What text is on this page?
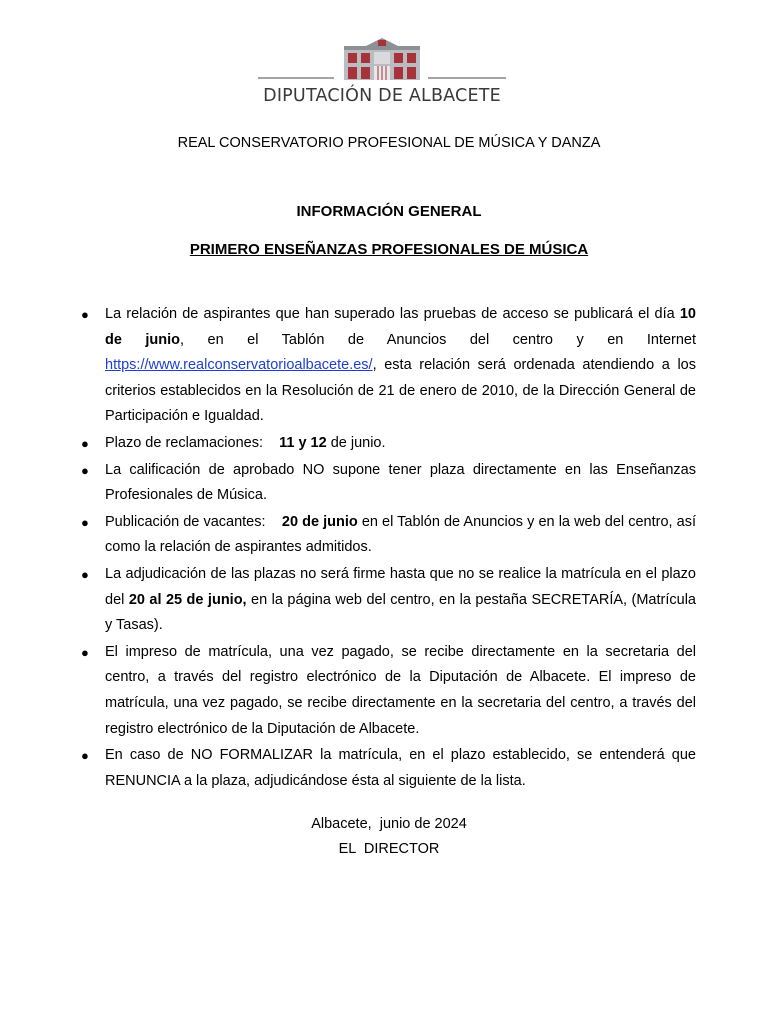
DIPUTACIÓN DE ALBACETE
REAL CONSERVATORIO PROFESIONAL DE MÚSICA Y DANZA
INFORMACIÓN GENERAL
PRIMERO ENSEÑANZAS PROFESIONALES DE MÚSICA
● La relación de aspirantes que han superado las pruebas de acceso se publicará el día 10 de junio, en el Tablón de Anuncios del centro y en Internet https://www.realconservatorioalbacete.es/, esta relación será ordenada atendiendo a los criterios establecidos en la Resolución de 21 de enero de 2010, de la Dirección General de Participación e Igualdad.
● Plazo de reclamaciones:    11 y 12 de junio.
● La calificación de aprobado NO supone tener plaza directamente en las Enseñanzas Profesionales de Música.
● Publicación de vacantes:    20 de junio en el Tablón de Anuncios y en la web del centro, así como la relación de aspirantes admitidos.
● La adjudicación de las plazas no será firme hasta que no se realice la matrícula en el plazo del 20 al 25 de junio, en la página web del centro, en la pestaña SECRETARÍA, (Matrícula y Tasas).
● El impreso de matrícula, una vez pagado, se recibe directamente en la secretaria del centro, a través del registro electrónico de la Diputación de Albacete. El impreso de matrícula, una vez pagado, se recibe directamente en la secretaria del centro, a través del registro electrónico de la Diputación de Albacete.
● En caso de NO FORMALIZAR la matrícula, en el plazo establecido, se entenderá que RENUNCIA a la plaza, adjudicándose ésta al siguiente de la lista.
Albacete,  junio de 2024
EL  DIRECTOR
